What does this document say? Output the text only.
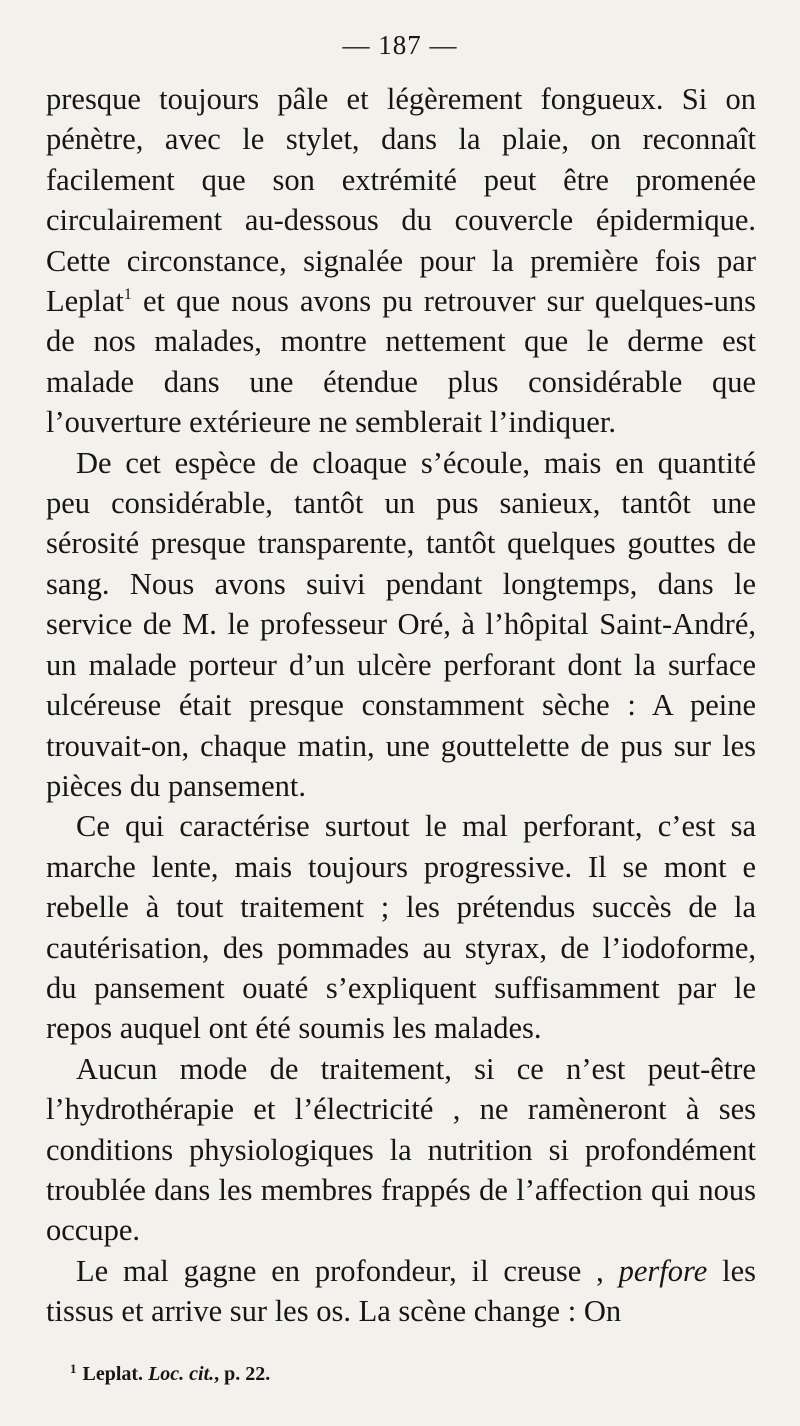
— 187 —

presque toujours pâle et légèrement fongueux. Si on pénètre, avec le stylet, dans la plaie, on reconnaît facilement que son extrémité peut être promenée circulairement au-dessous du couvercle épidermique. Cette circonstance, signalée pour la première fois par Leplat$^1$ et que nous avons pu retrouver sur quelques-uns de nos malades, montre nettement que le derme est malade dans une étendue plus considérable que l’ouverture extérieure ne semblerait l’indiquer.

De cet espèce de cloaque s’écoule, mais en quantité peu considérable, tantôt un pus sanieux, tantôt une sérosité presque transparente, tantôt quelques gouttes de sang. Nous avons suivi pendant longtemps, dans le service de M. le professeur Oré, à l’hôpital Saint-André, un malade porteur d’un ulcère perforant dont la surface ulcéreuse était presque constamment sèche : A peine trouvait-on, chaque matin, une gouttelette de pus sur les pièces du pansement.

Ce qui caractérise surtout le mal perforant, c’est sa marche lente, mais toujours progressive. Il se mont e rebelle à tout traitement ; les prétendus succès de la cautérisation, des pommades au styrax, de l’iodoforme, du pansement ouaté s’expliquent suffisamment par le repos auquel ont été soumis les malades.

Aucun mode de traitement, si ce n’est peut-être l’hydrothérapie et l’électricité , ne ramèneront à ses conditions physiologiques la nutrition si profondément troublée dans les membres frappés de l’affection qui nous occupe.

Le mal gagne en profondeur, il creuse , perfore les tissus et arrive sur les os. La scène change : On

$^1$ Leplat. Loc. cit., p. 22.
